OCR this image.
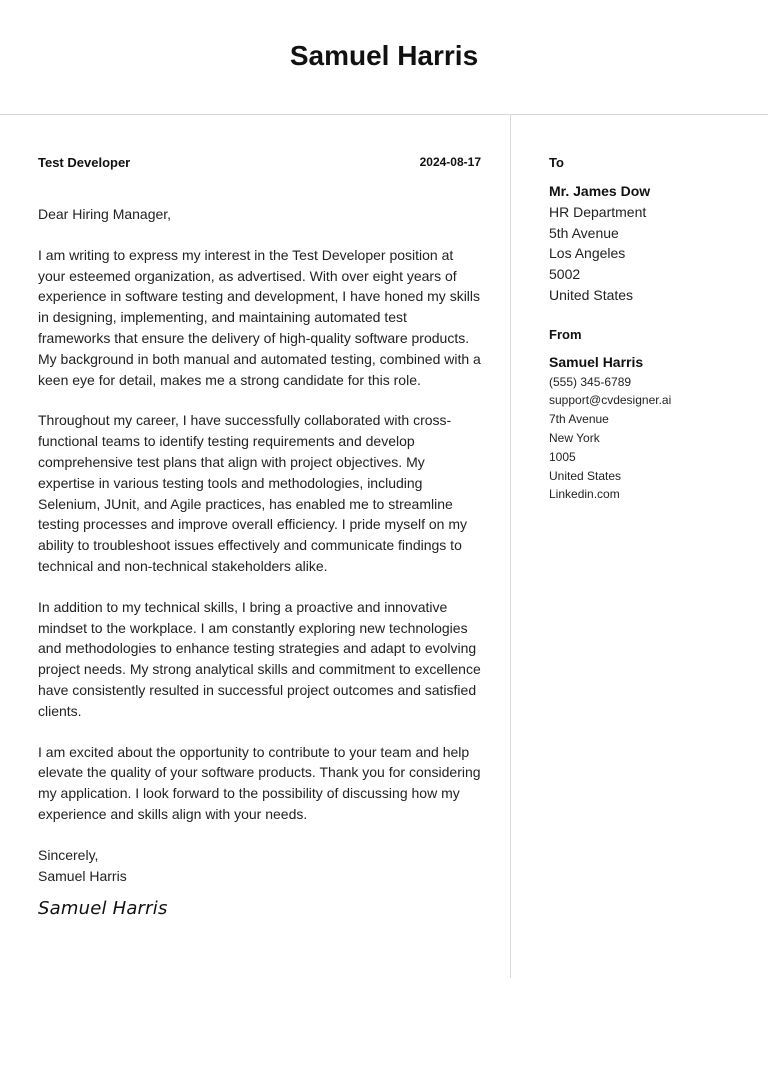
Samuel Harris
Test Developer	2024-08-17
Dear Hiring Manager,
I am writing to express my interest in the Test Developer position at your esteemed organization, as advertised. With over eight years of experience in software testing and development, I have honed my skills in designing, implementing, and maintaining automated test frameworks that ensure the delivery of high-quality software products. My background in both manual and automated testing, combined with a keen eye for detail, makes me a strong candidate for this role.
Throughout my career, I have successfully collaborated with cross-functional teams to identify testing requirements and develop comprehensive test plans that align with project objectives. My expertise in various testing tools and methodologies, including Selenium, JUnit, and Agile practices, has enabled me to streamline testing processes and improve overall efficiency. I pride myself on my ability to troubleshoot issues effectively and communicate findings to technical and non-technical stakeholders alike.
In addition to my technical skills, I bring a proactive and innovative mindset to the workplace. I am constantly exploring new technologies and methodologies to enhance testing strategies and adapt to evolving project needs. My strong analytical skills and commitment to excellence have consistently resulted in successful project outcomes and satisfied clients.
I am excited about the opportunity to contribute to your team and help elevate the quality of your software products. Thank you for considering my application. I look forward to the possibility of discussing how my experience and skills align with your needs.
Sincerely,
Samuel Harris
Samuel Harris
To
Mr. James Dow
HR Department
5th Avenue
Los Angeles
5002
United States
From
Samuel Harris
(555) 345-6789
support@cvdesigner.ai
7th Avenue
New York
1005
United States
Linkedin.com
